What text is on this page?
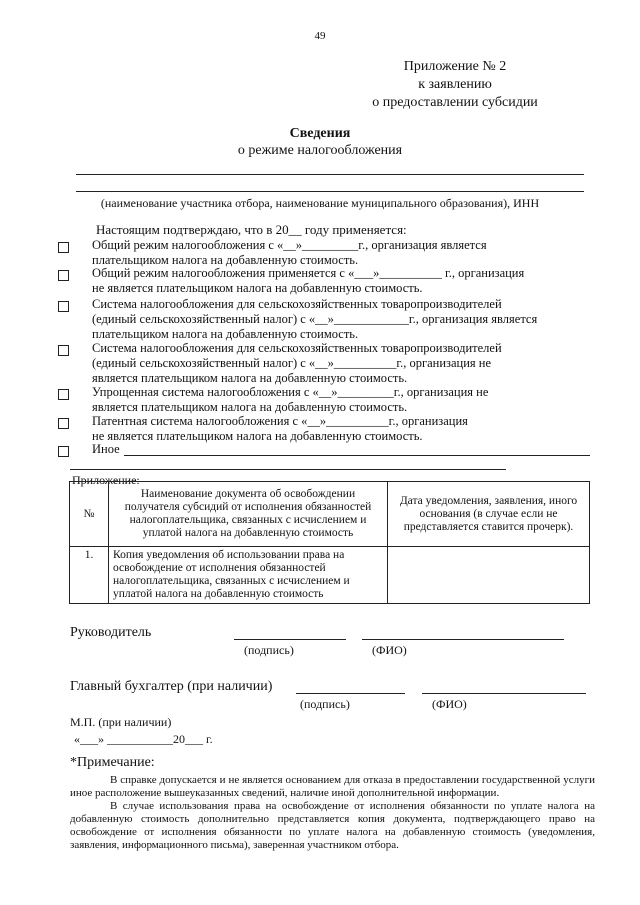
49
Приложение № 2
к заявлению
о предоставлении субсидии
Сведения
о режиме налогообложения
(наименование участника отбора, наименование муниципального образования), ИНН
Настоящим подтверждаю, что в 20__ году применяется:
Общий режим налогообложения с «__»_________г., организация является
плательщиком налога на добавленную стоимость.
Общий режим налогообложения применяется с «___»__________ г., организация
не является плательщиком налога на добавленную стоимость.
Система налогообложения для сельскохозяйственных товаропроизводителей
(единый сельскохозяйственный налог) с «__»____________г., организация является
плательщиком налога на добавленную стоимость.
Система налогообложения для сельскохозяйственных товаропроизводителей
(единый сельскохозяйственный налог) с «__»__________г., организация не
является плательщиком налога на добавленную стоимость.
Упрощенная система налогообложения с «__»_________г., организация не
является плательщиком налога на добавленную стоимость.
Патентная система налогообложения с «__»__________г., организация
не является плательщиком налога на добавленную стоимость.
Иное
Приложение:
№	Наименование документа об освобождении получателя субсидий от исполнения обязанностей налогоплательщика, связанных с исчислением и уплатой налога на добавленную стоимость	Дата уведомления, заявления, иного основания (в случае если не представляется ставится прочерк).
1.	Копия уведомления об использовании права на освобождение от исполнения обязанностей налогоплательщика, связанных с исчислением и уплатой налога на добавленную стоимость	
Руководитель
(подпись)	(ФИО)
Главный бухгалтер (при наличии)
(подпись)	(ФИО)
М.П. (при наличии)
«___» ___________20___ г.
*Примечание:
В справке допускается и не является основанием для отказа в предоставлении государственной услуги иное расположение вышеуказанных сведений, наличие иной дополнительной информации.
В случае использования права на освобождение от исполнения обязанности по уплате налога на добавленную стоимость дополнительно представляется копия документа, подтверждающего право на освобождение от исполнения обязанности по уплате налога на добавленную стоимость (уведомления, заявления, информационного письма), заверенная участником отбора.
